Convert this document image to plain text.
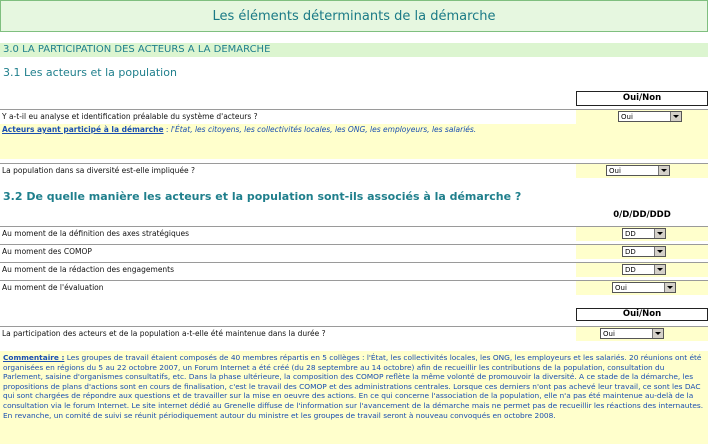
Les éléments déterminants de la démarche
3.0 LA PARTICIPATION DES ACTEURS A LA DEMARCHE
3.1 Les acteurs et la population
Oui/Non
Y a-t-il eu analyse et identification préalable du système d'acteurs ?	Oui
Acteurs ayant participé à la démarche : l'État, les citoyens, les collectivités locales, les ONG, les employeurs, les salariés.
La population dans sa diversité est-elle impliquée ?	Oui
3.2 De quelle manière les acteurs et la population sont-ils associés à la démarche ?
0/D/DD/DDD
Au moment de la définition des axes stratégiques	DD
Au moment des COMOP	DD
Au moment de la rédaction des engagements	DD
Au moment de l'évaluation	Oui
Oui/Non
La participation des acteurs et de la population a-t-elle été maintenue dans la durée ?	Oui
Commentaire : Les groupes de travail étaient composés de 40 membres répartis en 5 collèges : l'État, les collectivités locales, les ONG, les employeurs et les salariés. 20 réunions ont été organisées en régions du 5 au 22 octobre 2007, un Forum Internet a été créé (du 28 septembre au 14 octobre) afin de recueillir les contributions de la population, consultation du Parlement, saisine d'organismes consultatifs, etc. Dans la phase ultérieure, la composition des COMOP reflète la même volonté de promouvoir la diversité. A ce stade de la démarche, les propositions de plans d'actions sont en cours de finalisation, c'est le travail des COMOP et des administrations centrales. Lorsque ces derniers n'ont pas achevé leur travail, ce sont les DAC qui sont chargées de répondre aux questions et de travailler sur la mise en oeuvre des actions. En ce qui concerne l'association de la population, elle n'a pas été maintenue au-delà de la consultation via le forum Internet. Le site internet dédié au Grenelle diffuse de l'information sur l'avancement de la démarche mais ne permet pas de recueillir les réactions des internautes. En revanche, un comité de suivi se réunit périodiquement autour du ministre et les groupes de travail seront à nouveau convoqués en octobre 2008.
